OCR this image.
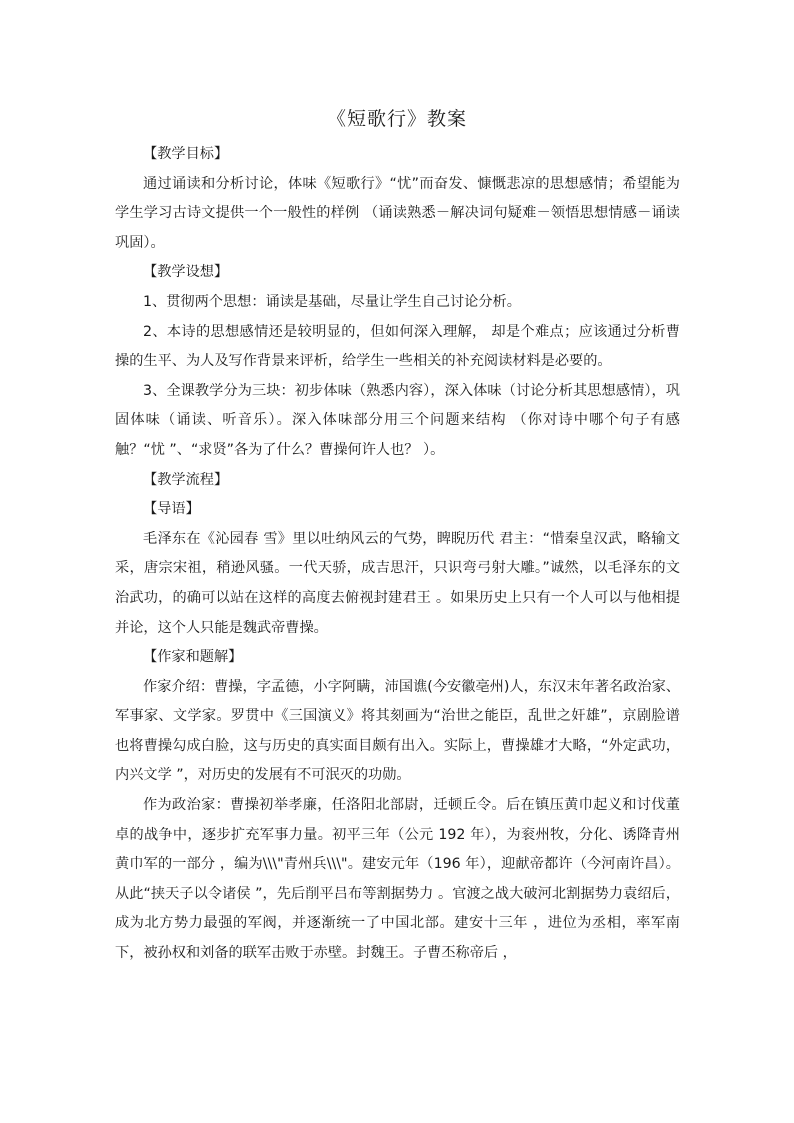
《短歌行》教案

【教学目标】

通过诵读和分析讨论，体味《短歌行》“忧”而奋发、慷慨悲凉的思想感情；希望能为学生学习古诗文提供一个一般性的样例 （诵读熟悉－解决词句疑难－领悟思想情感－诵读巩固）。

【教学设想】

1、贯彻两个思想：诵读是基础，尽量让学生自己讨论分析。

2、本诗的思想感情还是较明显的，但如何深入理解， 却是个难点；应该通过分析曹操的生平、为人及写作背景来评析，给学生一些相关的补充阅读材料是必要的。

3、全课教学分为三块：初步体味（熟悉内容），深入体味（讨论分析其思想感情），巩固体味（诵读、听音乐）。深入体味部分用三个问题来结构 （你对诗中哪个句子有感触？“忧 ”、“求贤”各为了什么？曹操何许人也？ ）。

【教学流程】

【导语】

毛泽东在《沁园春 雪》里以吐纳风云的气势，睥睨历代 君主：“惜秦皇汉武，略输文采，唐宗宋祖，稍逊风骚。一代天骄，成吉思汗，只识弯弓射大雕。”诚然，以毛泽东的文治武功，的确可以站在这样的高度去俯视封建君王 。如果历史上只有一个人可以与他相提并论，这个人只能是魏武帝曹操。

【作家和题解】

作家介绍：曹操，字孟德，小字阿瞒，沛国谯(今安徽亳州)人，东汉末年著名政治家、军事家、文学家。罗贯中《三国演义》将其刻画为“治世之能臣，乱世之奸雄”，京剧脸谱也将曹操勾成白脸，这与历史的真实面目颇有出入。实际上，曹操雄才大略，“外定武功，内兴文学 ”，对历史的发展有不可泯灭的功勋。

作为政治家：曹操初举孝廉，任洛阳北部尉，迁顿丘令。后在镇压黄巾起义和讨伐董卓的战争中，逐步扩充军事力量。初平三年（公元 192 年），为衮州牧，分化、诱降青州黄巾军的一部分 ，编为\\\"青州兵\\\"。建安元年（196 年），迎献帝都许（今河南许昌）。从此“挟天子以令诸侯 ”，先后削平吕布等割据势力 。官渡之战大破河北割据势力袁绍后，成为北方势力最强的军阀，并逐渐统一了中国北部。建安十三年 ，进位为丞相，率军南下，被孙权和刘备的联军击败于赤壁。封魏王。子曹丕称帝后 ，
